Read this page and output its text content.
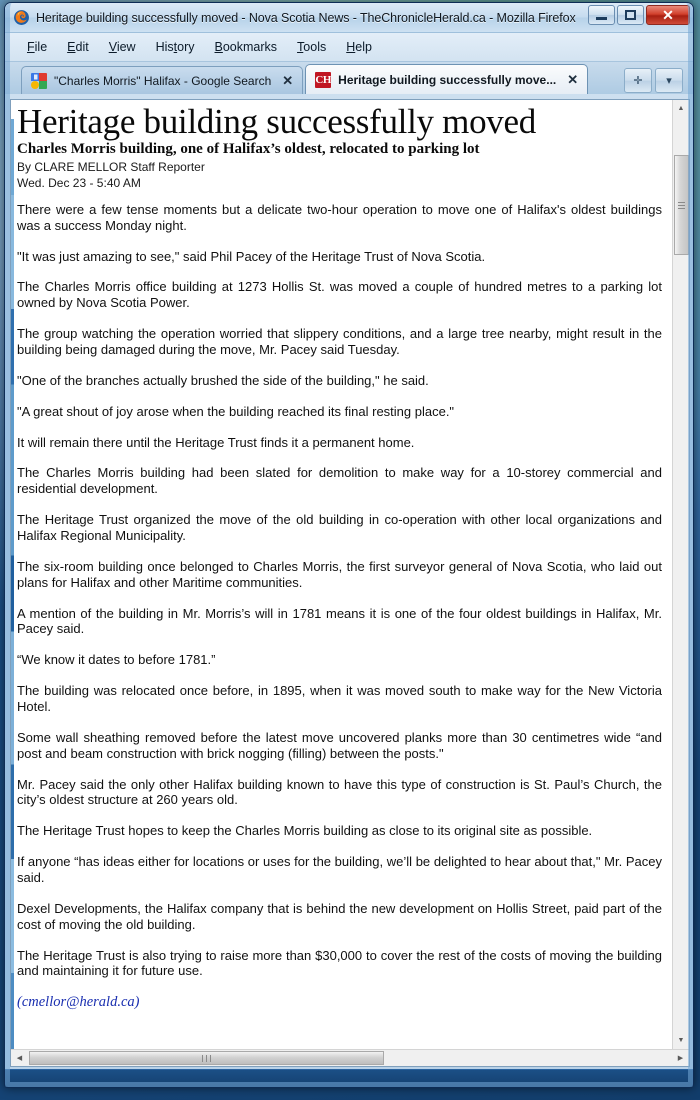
Heritage building successfully moved - Nova Scotia News - TheChronicleHerald.ca - Mozilla Firefox	✕
File	Edit	View	History	Bookmarks	Tools	Help
"Charles Morris" Halifax - Google Search ✕ CH Heritage building successfully move... ✕	✛ ▾
Heritage building successfully moved
Charles Morris building, one of Halifax’s oldest, relocated to parking lot
By CLARE MELLOR Staff Reporter
Wed. Dec 23 - 5:40 AM

There were a few tense moments but a delicate two-hour operation to move one of Halifax's oldest buildings was a success Monday night.

"It was just amazing to see," said Phil Pacey of the Heritage Trust of Nova Scotia.

The Charles Morris office building at 1273 Hollis St. was moved a couple of hundred metres to a parking lot owned by Nova Scotia Power.

The group watching the operation worried that slippery conditions, and a large tree nearby, might result in the building being damaged during the move, Mr. Pacey said Tuesday.

"One of the branches actually brushed the side of the building," he said.

"A great shout of joy arose when the building reached its final resting place."

It will remain there until the Heritage Trust finds it a permanent home.

The Charles Morris building had been slated for demolition to make way for a 10-storey commercial and residential development.

The Heritage Trust organized the move of the old building in co-operation with other local organizations and Halifax Regional Municipality.

The six-room building once belonged to Charles Morris, the first surveyor general of Nova Scotia, who laid out plans for Halifax and other Maritime communities.

A mention of the building in Mr. Morris’s will in 1781 means it is one of the four oldest buildings in Halifax, Mr. Pacey said.

“We know it dates to before 1781.”

The building was relocated once before, in 1895, when it was moved south to make way for the New Victoria Hotel.

Some wall sheathing removed before the latest move uncovered planks more than 30 centimetres wide “and post and beam construction with brick nogging (filling) between the posts."

Mr. Pacey said the only other Halifax building known to have this type of construction is St. Paul’s Church, the city’s oldest structure at 260 years old.

The Heritage Trust hopes to keep the Charles Morris building as close to its original site as possible.

If anyone “has ideas either for locations or uses for the building, we’ll be delighted to hear about that," Mr. Pacey said.

Dexel Developments, the Halifax company that is behind the new development on Hollis Street, paid part of the cost of moving the old building.

The Heritage Trust is also trying to raise more than $30,000 to cover the rest of the costs of moving the building and maintaining it for future use.

(cmellor@herald.ca)
▲
▼
◀	▶
